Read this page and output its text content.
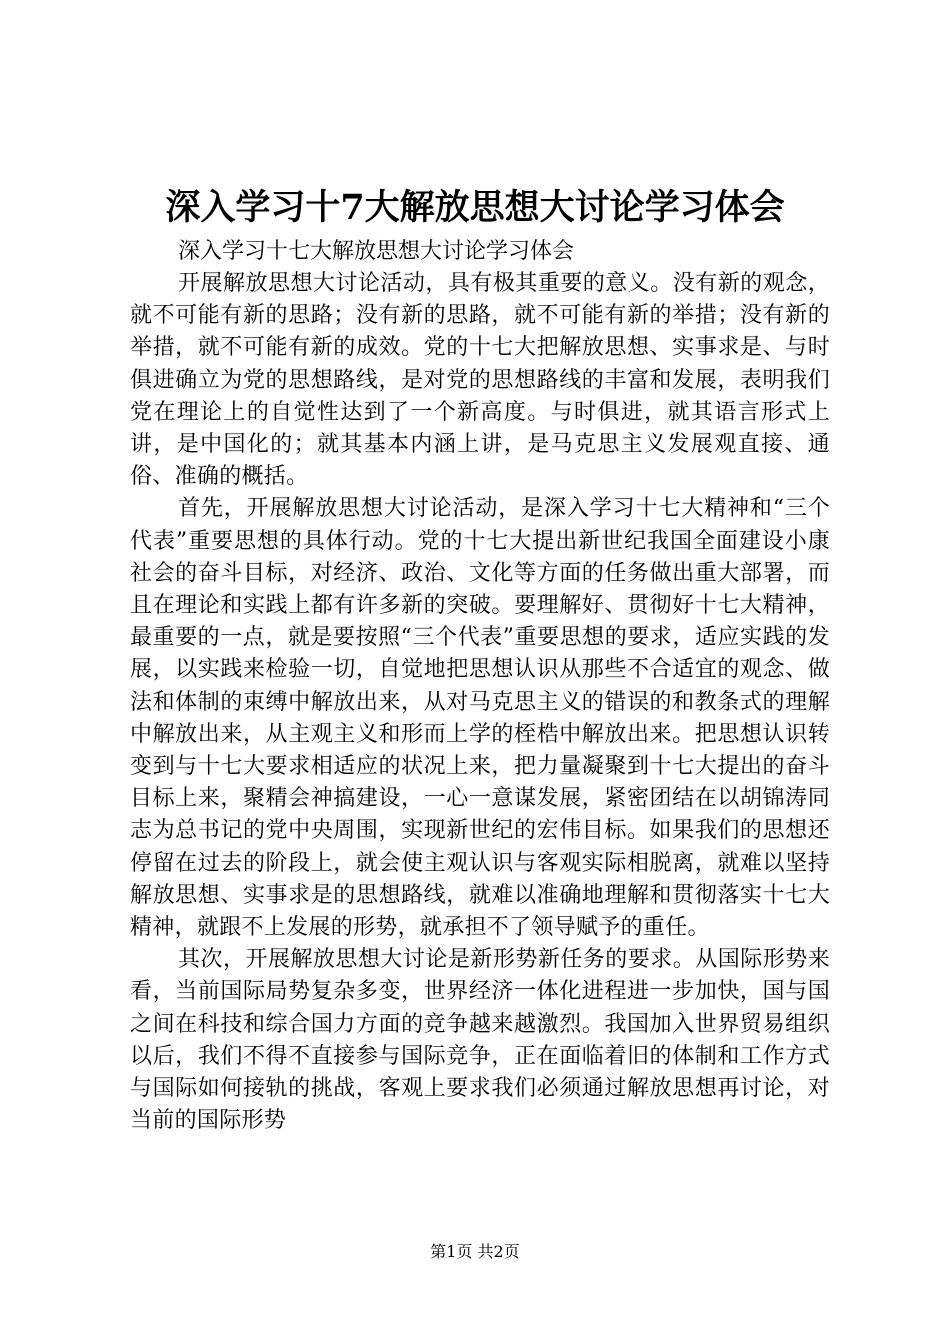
深入学习十7大解放思想大讨论学习体会

深入学习十七大解放思想大讨论学习体会

开展解放思想大讨论活动，具有极其重要的意义。没有新的观念，就不可能有新的思路；没有新的思路，就不可能有新的举措；没有新的举措，就不可能有新的成效。党的十七大把解放思想、实事求是、与时俱进确立为党的思想路线，是对党的思想路线的丰富和发展，表明我们党在理论上的自觉性达到了一个新高度。与时俱进，就其语言形式上讲，是中国化的；就其基本内涵上讲，是马克思主义发展观直接、通俗、准确的概括。

首先，开展解放思想大讨论活动，是深入学习十七大精神和“三个代表”重要思想的具体行动。党的十七大提出新世纪我国全面建设小康社会的奋斗目标，对经济、政治、文化等方面的任务做出重大部署，而且在理论和实践上都有许多新的突破。要理解好、贯彻好十七大精神，最重要的一点，就是要按照“三个代表”重要思想的要求，适应实践的发展，以实践来检验一切，自觉地把思想认识从那些不合适宜的观念、做法和体制的束缚中解放出来，从对马克思主义的错误的和教条式的理解中解放出来，从主观主义和形而上学的桎梏中解放出来。把思想认识转变到与十七大要求相适应的状况上来，把力量凝聚到十七大提出的奋斗目标上来，聚精会神搞建设，一心一意谋发展，紧密团结在以胡锦涛同志为总书记的党中央周围，实现新世纪的宏伟目标。如果我们的思想还停留在过去的阶段上，就会使主观认识与客观实际相脱离，就难以坚持解放思想、实事求是的思想路线，就难以准确地理解和贯彻落实十七大精神，就跟不上发展的形势，就承担不了领导赋予的重任。

其次，开展解放思想大讨论是新形势新任务的要求。从国际形势来看，当前国际局势复杂多变，世界经济一体化进程进一步加快，国与国之间在科技和综合国力方面的竞争越来越激烈。我国加入世界贸易组织以后，我们不得不直接参与国际竞争，正在面临着旧的体制和工作方式与国际如何接轨的挑战，客观上要求我们必须通过解放思想再讨论，对当前的国际形势

第1页 共2页
